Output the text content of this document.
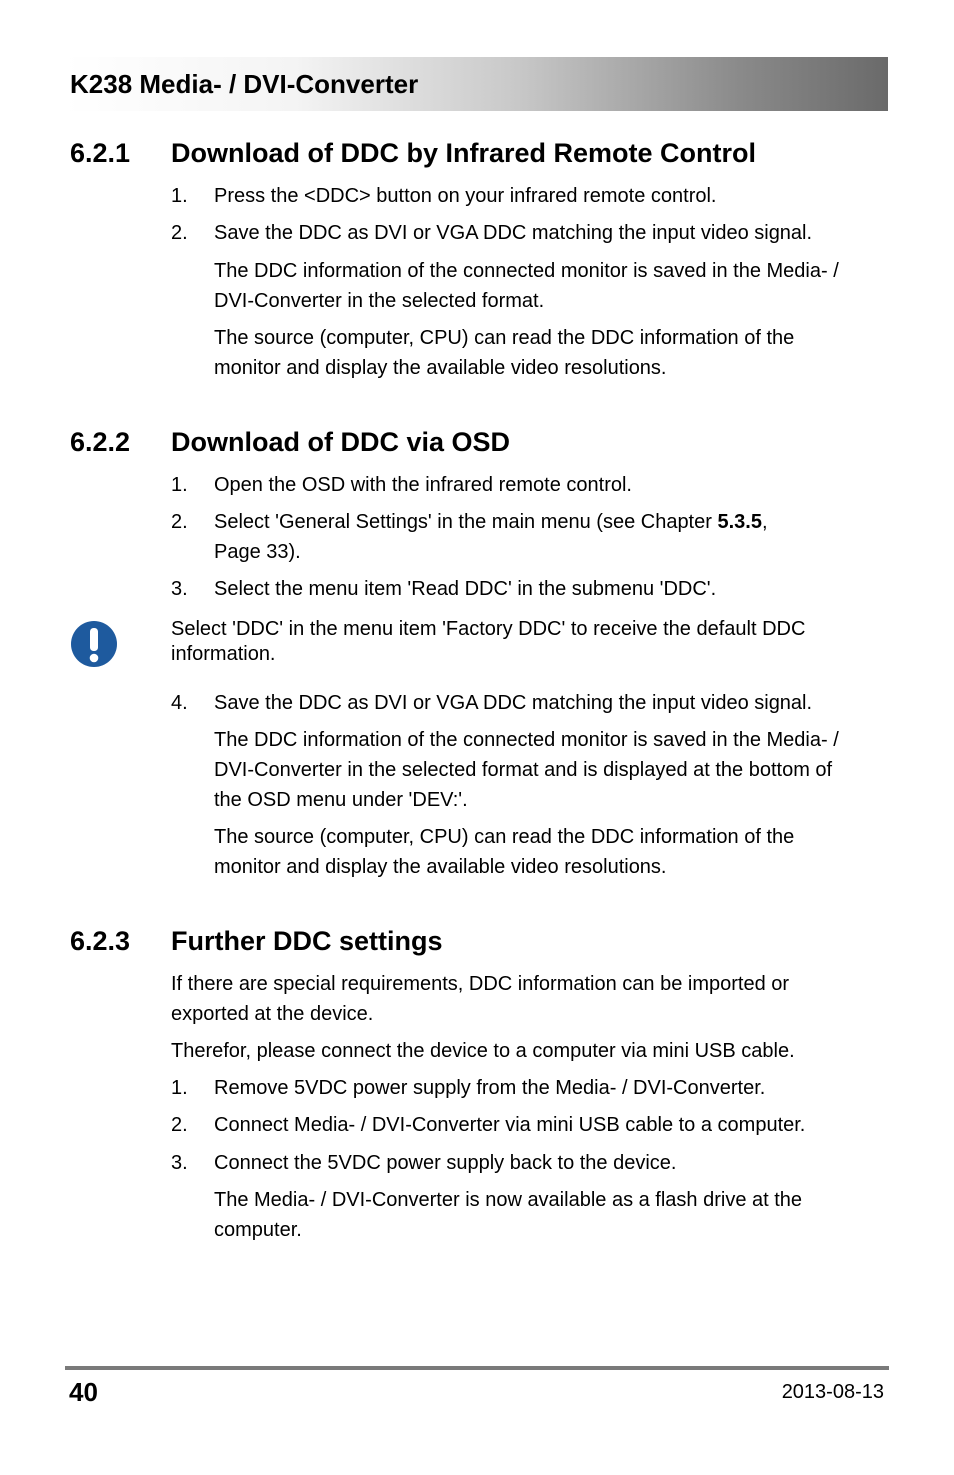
K238 Media- / DVI-Converter
6.2.1 Download of DDC by Infrared Remote Control
1. Press the <DDC> button on your infrared remote control.
2. Save the DDC as DVI or VGA DDC matching the input video signal.
The DDC information of the connected monitor is saved in the Media- /
DVI-Converter in the selected format.
The source (computer, CPU) can read the DDC information of the
monitor and display the available video resolutions.
6.2.2 Download of DDC via OSD
1. Open the OSD with the infrared remote control.
2. Select 'General Settings' in the main menu (see Chapter 5.3.5,
Page 33).
3. Select the menu item 'Read DDC' in the submenu 'DDC'.
Select 'DDC' in the menu item 'Factory DDC' to receive the default DDC
information.
4. Save the DDC as DVI or VGA DDC matching the input video signal.
The DDC information of the connected monitor is saved in the Media- /
DVI-Converter in the selected format and is displayed at the bottom of
the OSD menu under 'DEV:'.
The source (computer, CPU) can read the DDC information of the
monitor and display the available video resolutions.
6.2.3 Further DDC settings
If there are special requirements, DDC information can be imported or
exported at the device.
Therefor, please connect the device to a computer via mini USB cable.
1. Remove 5VDC power supply from the Media- / DVI-Converter.
2. Connect Media- / DVI-Converter via mini USB cable to a computer.
3. Connect the 5VDC power supply back to the device.
The Media- / DVI-Converter is now available as a flash drive at the
computer.
40	2013-08-13
